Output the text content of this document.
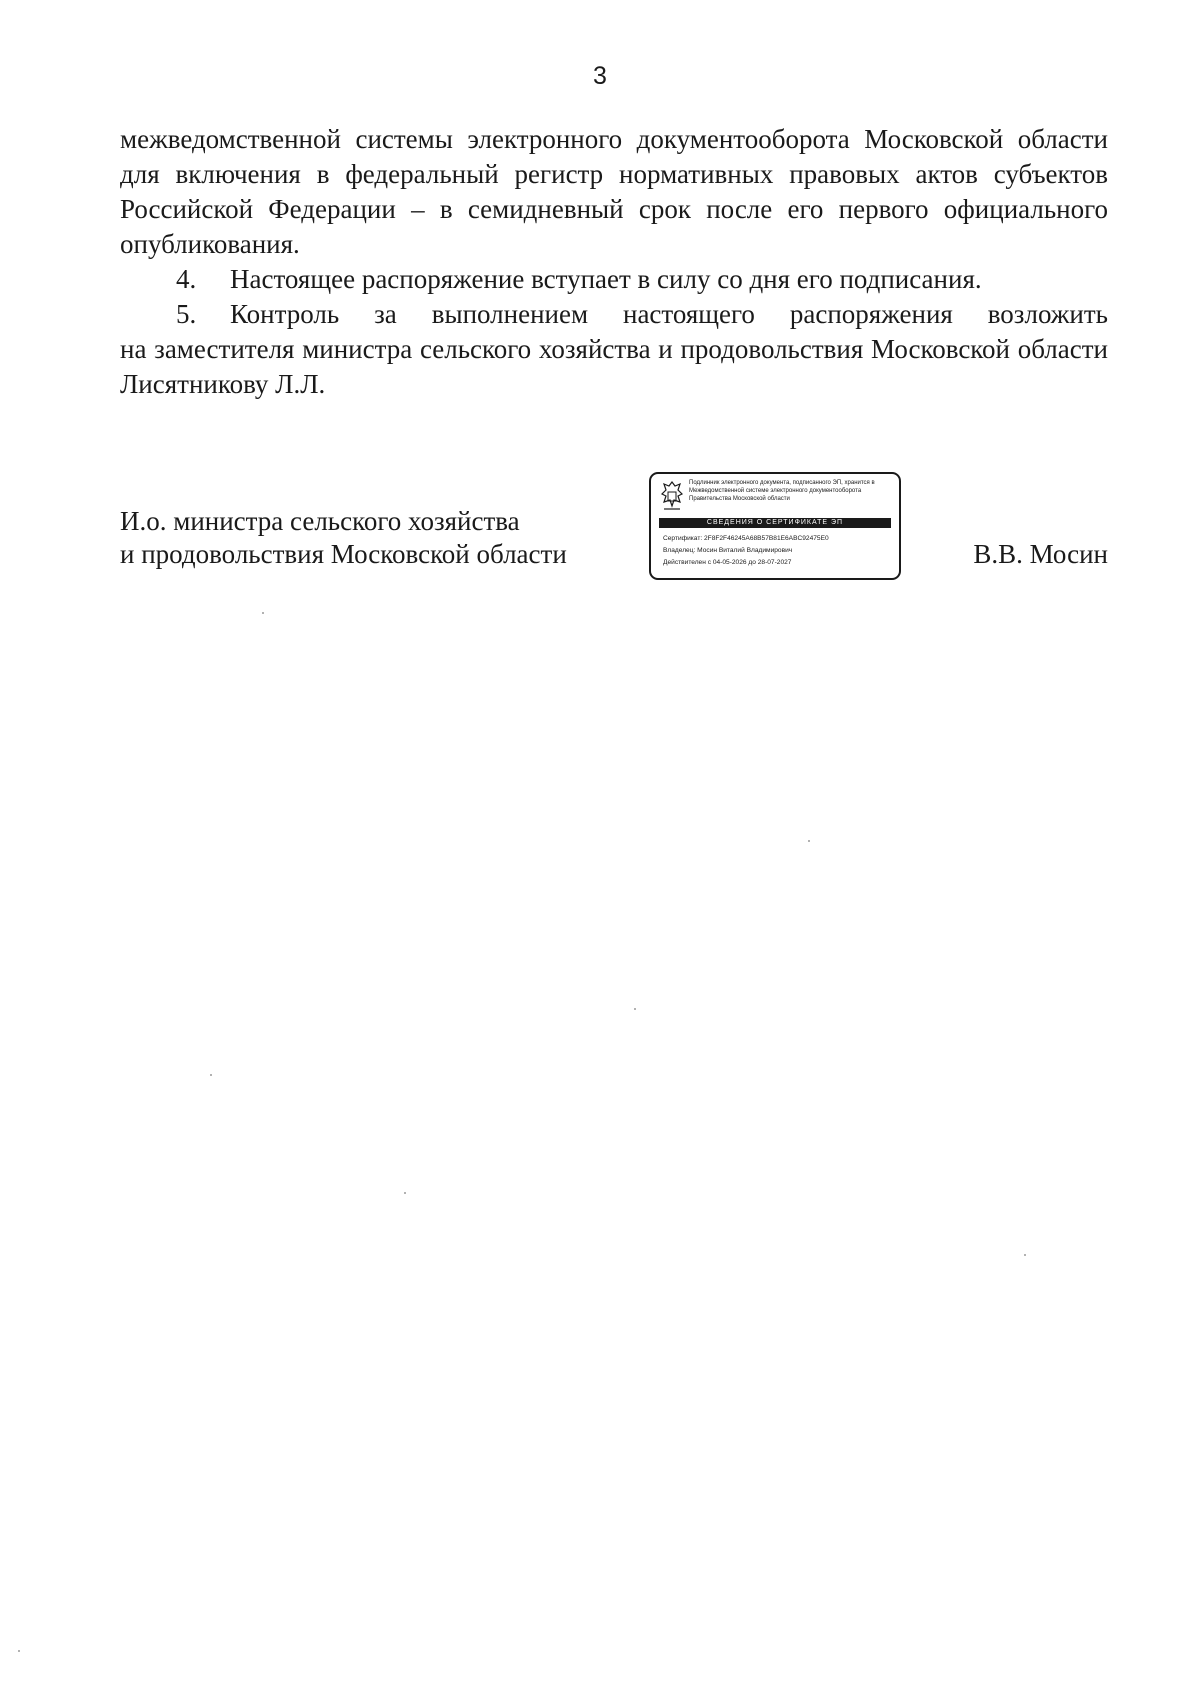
3

межведомственной системы электронного документооборота Московской области

для включения в федеральный регистр нормативных правовых актов субъектов

Российской Федерации – в семидневный срок после его первого официального

опубликования.

4.	Настоящее распоряжение вступает в силу со дня его подписания.
5.	Контроль за выполнением настоящего распоряжения возложить

на заместителя министра сельского хозяйства и продовольствия Московской области

Лисятникову Л.Л.

И.о. министра сельского хозяйства
и продовольствия Московской области	В.В. Мосин
Подлинник электронного документа, подписанного ЭП, хранится в Межведомственной системе электронного документооборота Правительства Московской области
СВЕДЕНИЯ О СЕРТИФИКАТЕ ЭП
Сертификат: 2F8F2F46245A68B57B81E6ABC92475E0
Владелец: Мосин Виталий Владимирович
Действителен с 04-05-2026 до 28-07-2027
